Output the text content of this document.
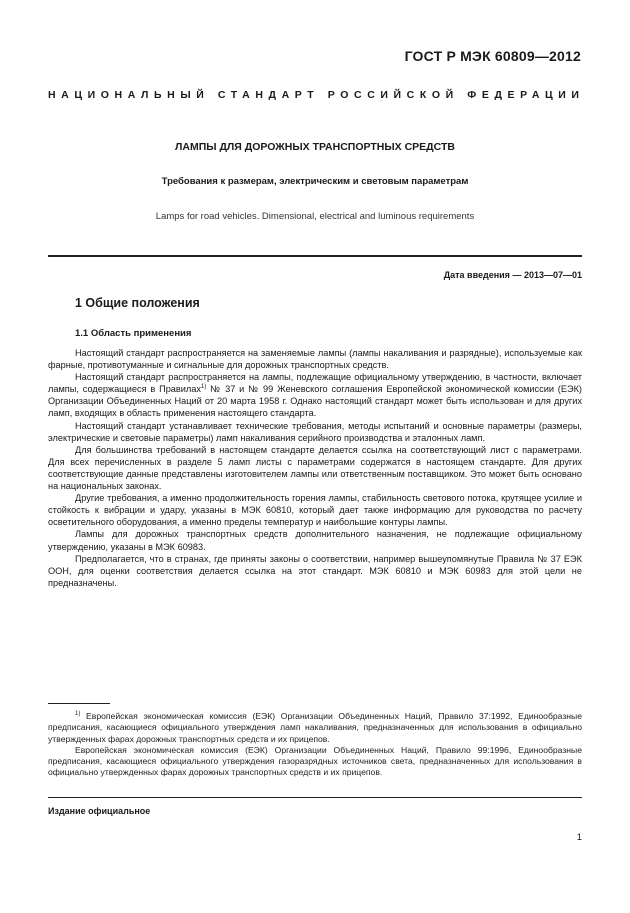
ГОСТ Р МЭК 60809—2012
НАЦИОНАЛЬНЫЙ СТАНДАРТ РОССИЙСКОЙ ФЕДЕРАЦИИ
ЛАМПЫ ДЛЯ ДОРОЖНЫХ ТРАНСПОРТНЫХ СРЕДСТВ
Требования к размерам, электрическим и световым параметрам
Lamps for road vehicles. Dimensional, electrical and luminous requirements
Дата введения — 2013—07—01
1 Общие положения
1.1 Область применения

Настоящий стандарт распространяется на заменяемые лампы (лампы накаливания и разрядные), используемые как фарные, противотуманные и сигнальные для дорожных транспортных средств.

Настоящий стандарт распространяется на лампы, подлежащие официальному утверждению, в частности, включает лампы, содержащиеся в Правилах$^{1)}$ № 37 и № 99 Женевского соглашения Европейской экономической комиссии (ЕЭК) Организации Объединенных Наций от 20 марта 1958 г. Однако настоящий стандарт может быть использован и для других ламп, входящих в область применения настоящего стандарта.

Настоящий стандарт устанавливает технические требования, методы испытаний и основные параметры (размеры, электрические и световые параметры) ламп накаливания серийного производства и эталонных ламп.

Для большинства требований в настоящем стандарте делается ссылка на соответствующий лист с параметрами. Для всех перечисленных в разделе 5 ламп листы с параметрами содержатся в настоящем стандарте. Для других соответствующие данные представлены изготовителем лампы или ответственным поставщиком. Это может быть основано на национальных законах.

Другие требования, а именно продолжительность горения лампы, стабильность светового потока, крутящее усилие и стойкость к вибрации и удару, указаны в МЭК 60810, который дает также информацию для руководства по расчету осветительного оборудования, а именно пределы температур и наибольшие контуры лампы.

Лампы для дорожных транспортных средств дополнительного назначения, не подлежащие официальному утверждению, указаны в МЭК 60983.

Предполагается, что в странах, где приняты законы о соответствии, например вышеупомянутые Правила № 37 ЕЭК ООН, для оценки соответствия делается ссылка на этот стандарт. МЭК 60810 и МЭК 60983 для этой цели не предназначены.

$^{1)}$ Европейская экономическая комиссия (ЕЭК) Организации Объединенных Наций, Правило 37:1992, Единообразные предписания, касающиеся официального утверждения ламп накаливания, предназначенных для использования в официально утвержденных фарах дорожных транспортных средств и их прицепов.

Европейская экономическая комиссия (ЕЭК) Организации Объединенных Наций, Правило 99:1996, Единообразные предписания, касающиеся официального утверждения газоразрядных источников света, предназначенных для использования в официально утвержденных фарах дорожных транспортных средств и их прицепов.

Издание официальное
1
